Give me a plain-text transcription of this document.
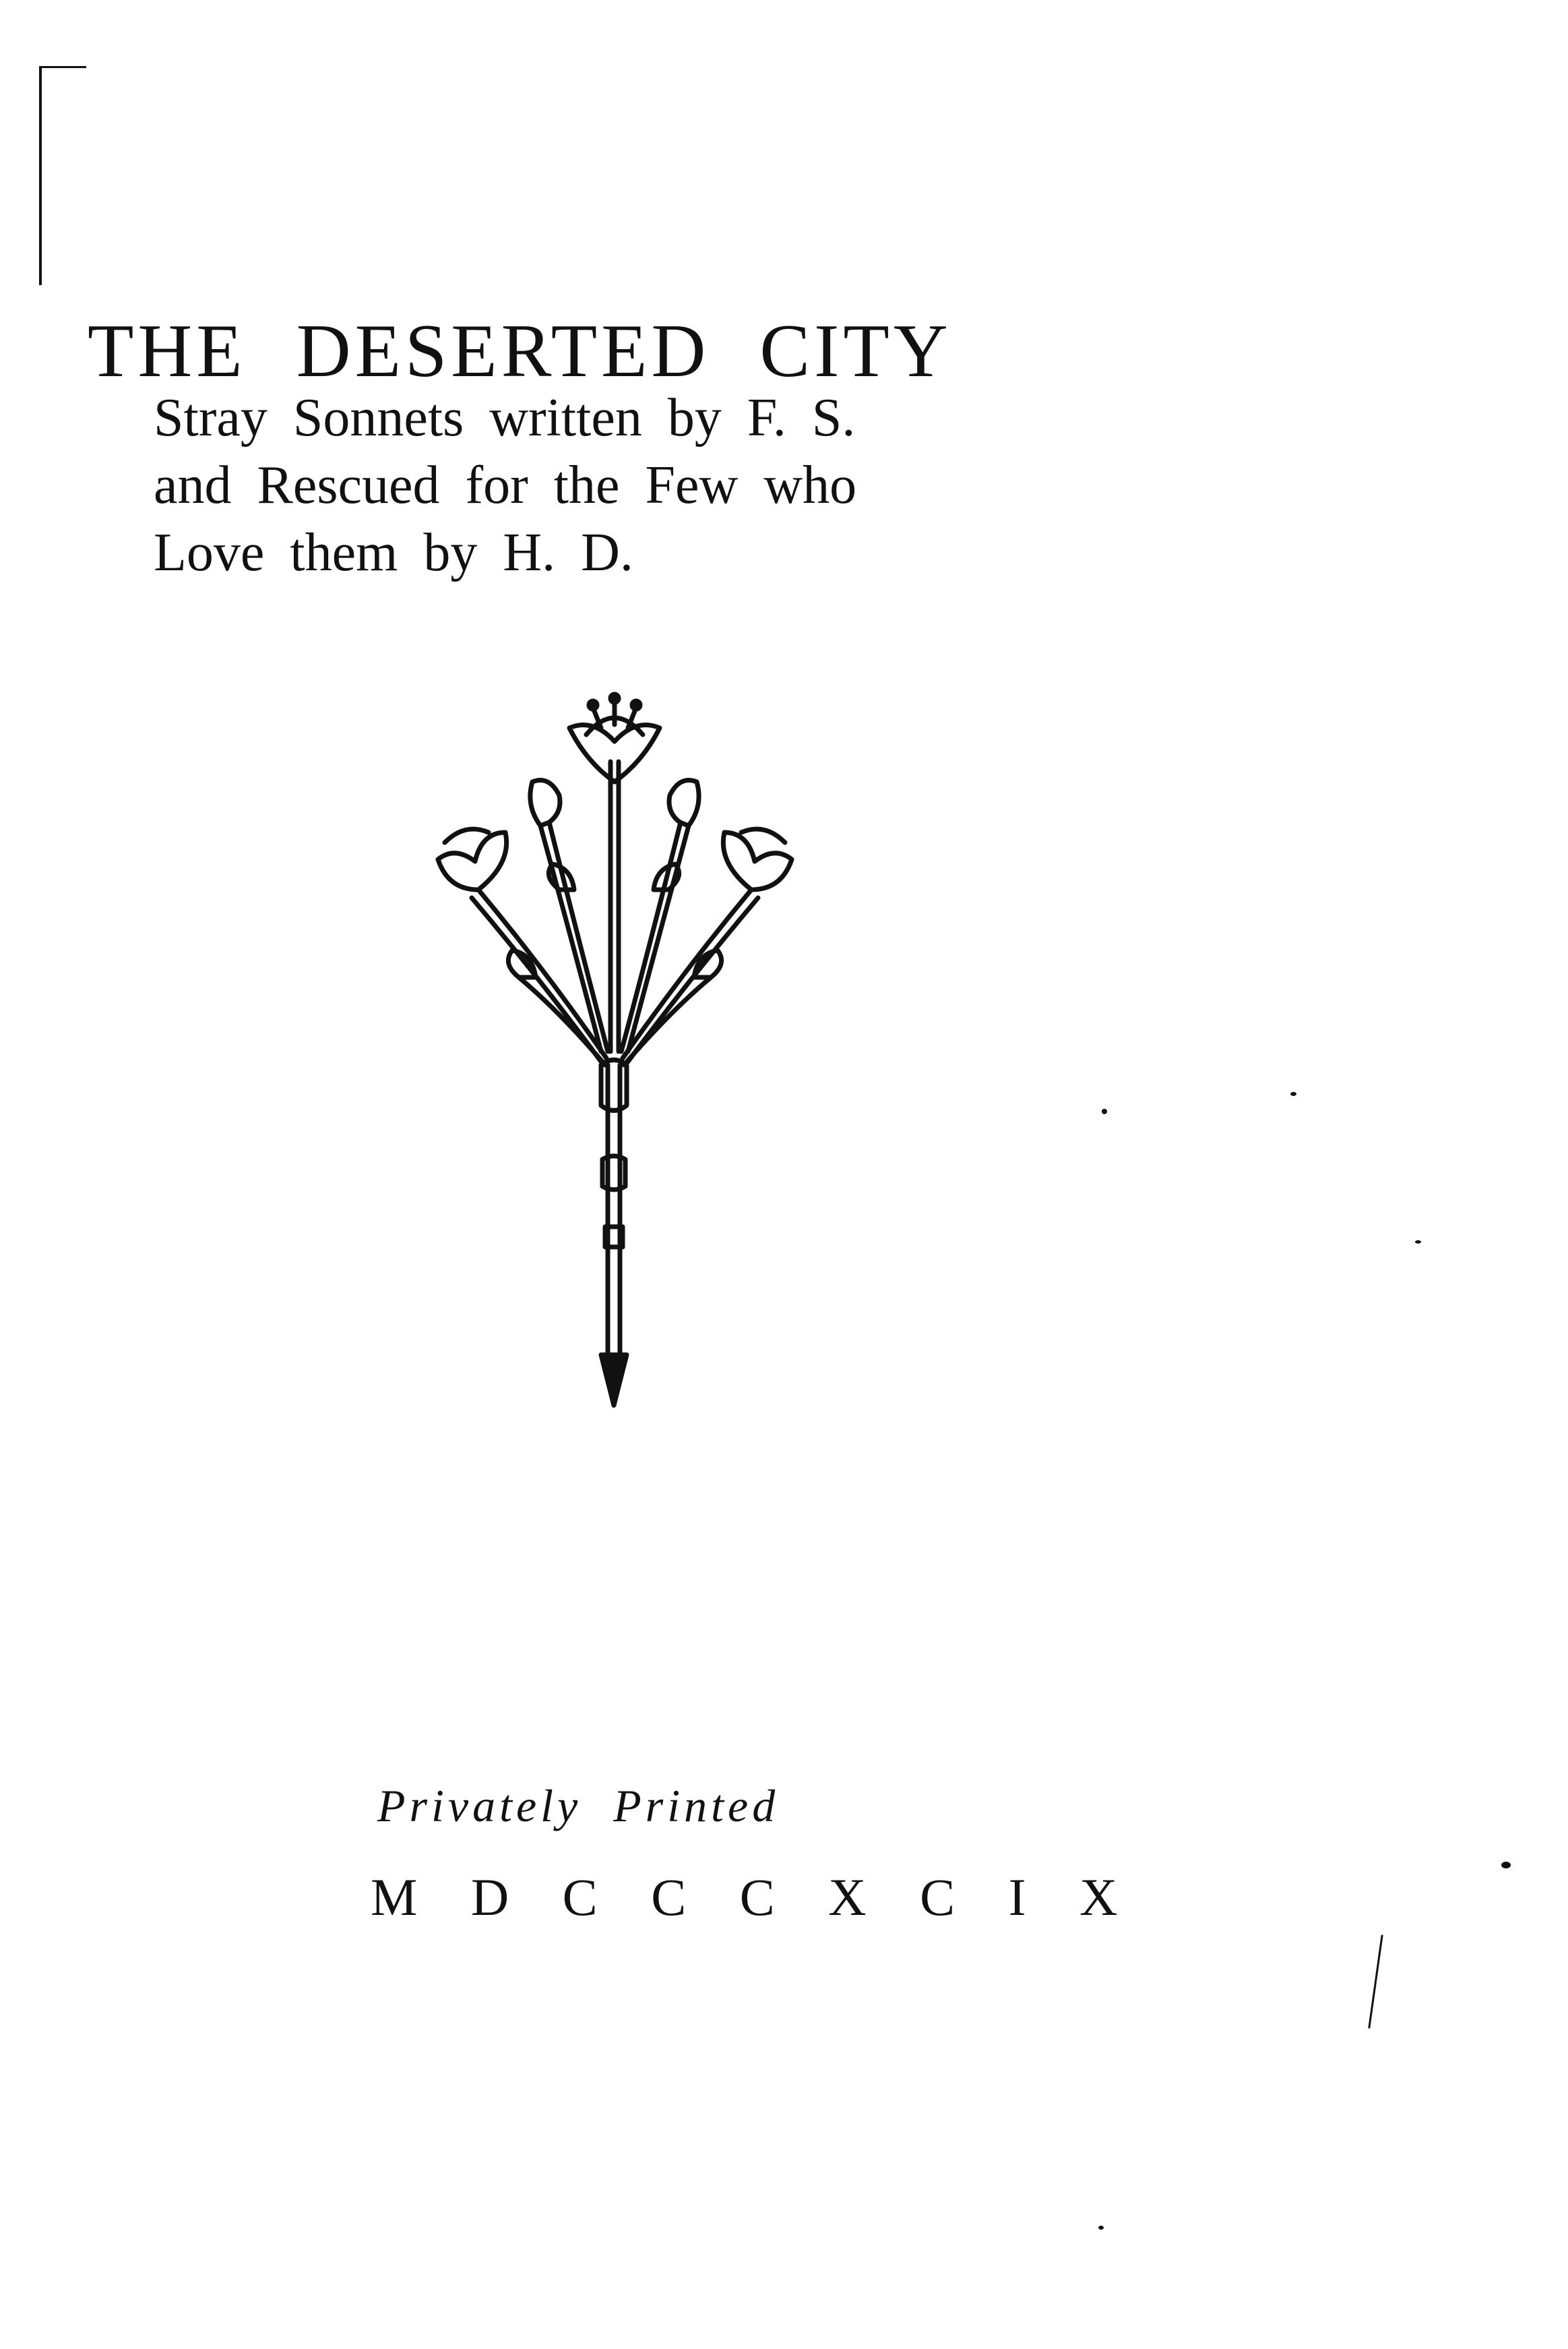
THE DESERTED CITY
Stray Sonnets written by F. S.
and Rescued for the Few who
Love them by H. D.
Privately Printed
M D C C C X C I X
